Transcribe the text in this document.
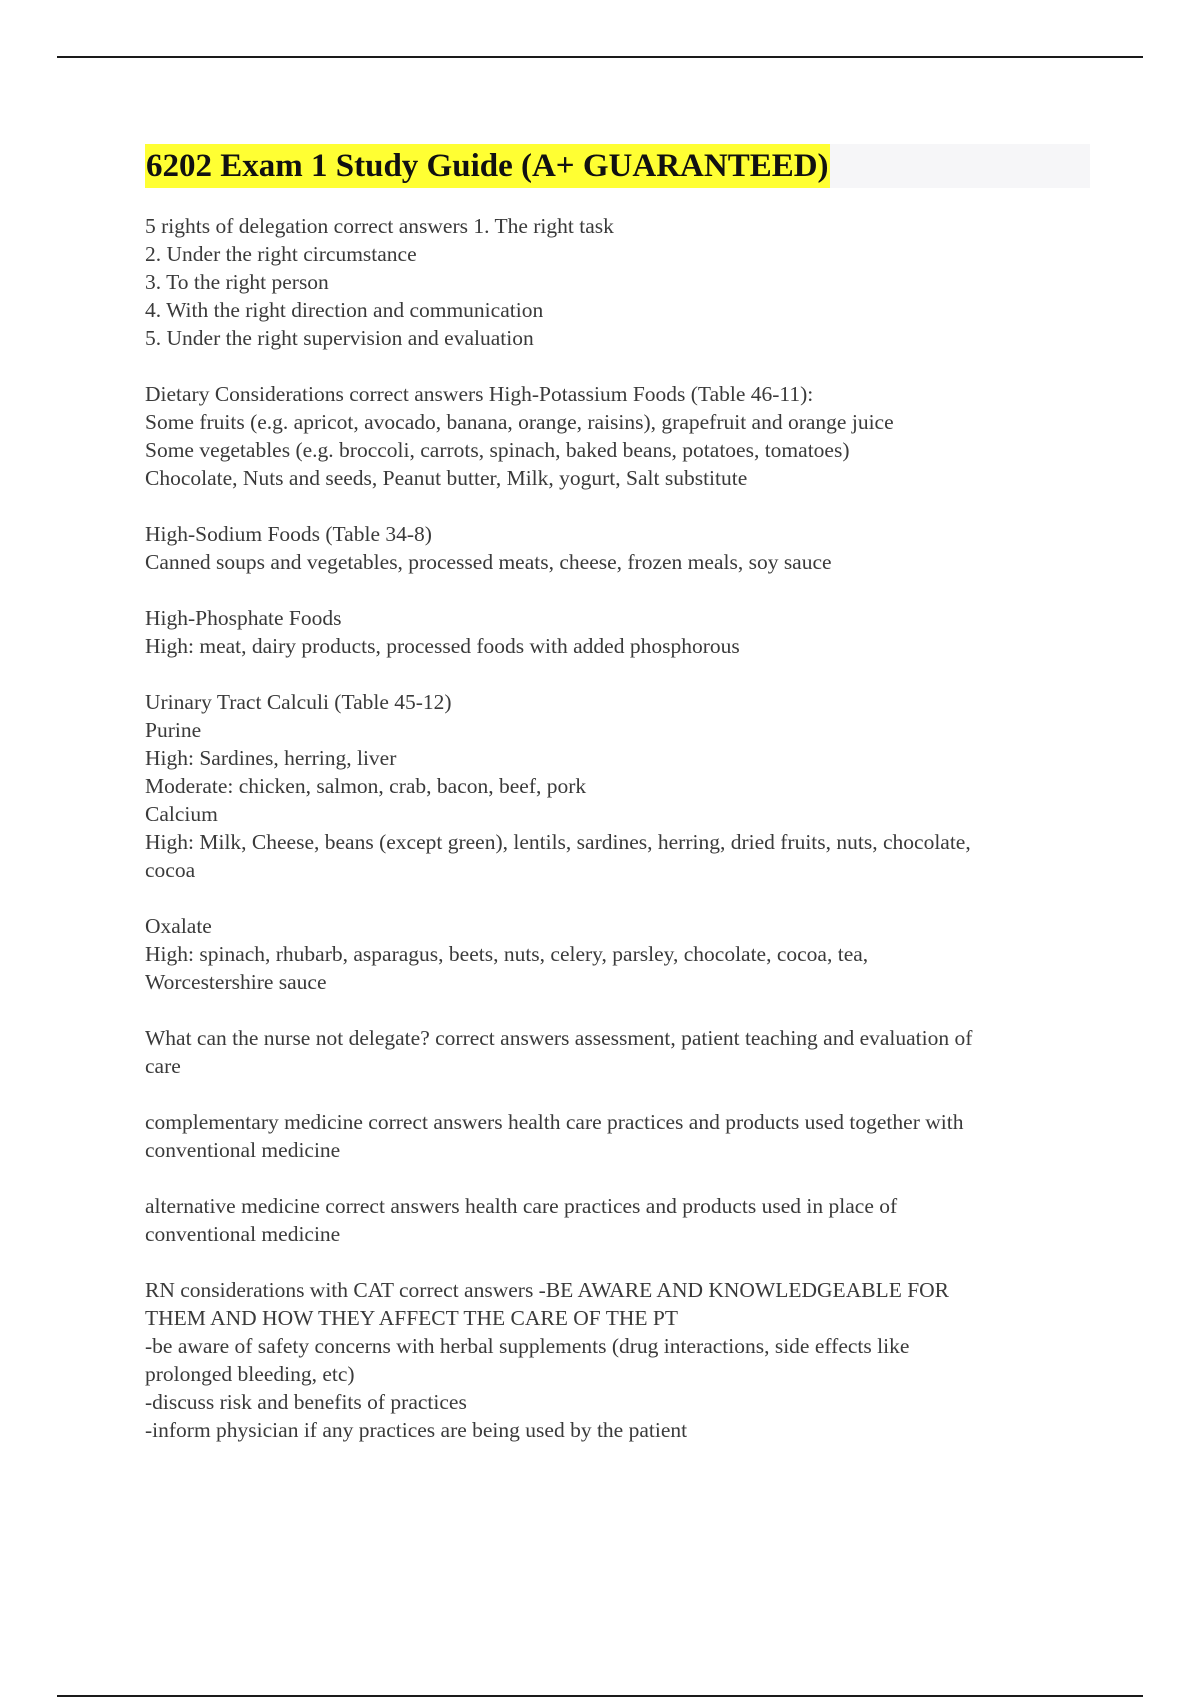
6202 Exam 1 Study Guide (A+ GUARANTEED)
5 rights of delegation correct answers 1. The right task
2. Under the right circumstance
3. To the right person
4. With the right direction and communication
5. Under the right supervision and evaluation
Dietary Considerations correct answers High-Potassium Foods (Table 46-11):
Some fruits (e.g. apricot, avocado, banana, orange, raisins), grapefruit and orange juice
Some vegetables (e.g. broccoli, carrots, spinach, baked beans, potatoes, tomatoes)
Chocolate, Nuts and seeds, Peanut butter, Milk, yogurt, Salt substitute
High-Sodium Foods (Table 34-8)
Canned soups and vegetables, processed meats, cheese, frozen meals, soy sauce
High-Phosphate Foods
High: meat, dairy products, processed foods with added phosphorous
Urinary Tract Calculi (Table 45-12)
Purine
High: Sardines, herring, liver
Moderate: chicken, salmon, crab, bacon, beef, pork
Calcium
High: Milk, Cheese, beans (except green), lentils, sardines, herring, dried fruits, nuts, chocolate,
cocoa
Oxalate
High: spinach, rhubarb, asparagus, beets, nuts, celery, parsley, chocolate, cocoa, tea,
Worcestershire sauce
What can the nurse not delegate? correct answers assessment, patient teaching and evaluation of
care
complementary medicine correct answers health care practices and products used together with
conventional medicine
alternative medicine correct answers health care practices and products used in place of
conventional medicine
RN considerations with CAT correct answers -BE AWARE AND KNOWLEDGEABLE FOR
THEM AND HOW THEY AFFECT THE CARE OF THE PT
-be aware of safety concerns with herbal supplements (drug interactions, side effects like
prolonged bleeding, etc)
-discuss risk and benefits of practices
-inform physician if any practices are being used by the patient
